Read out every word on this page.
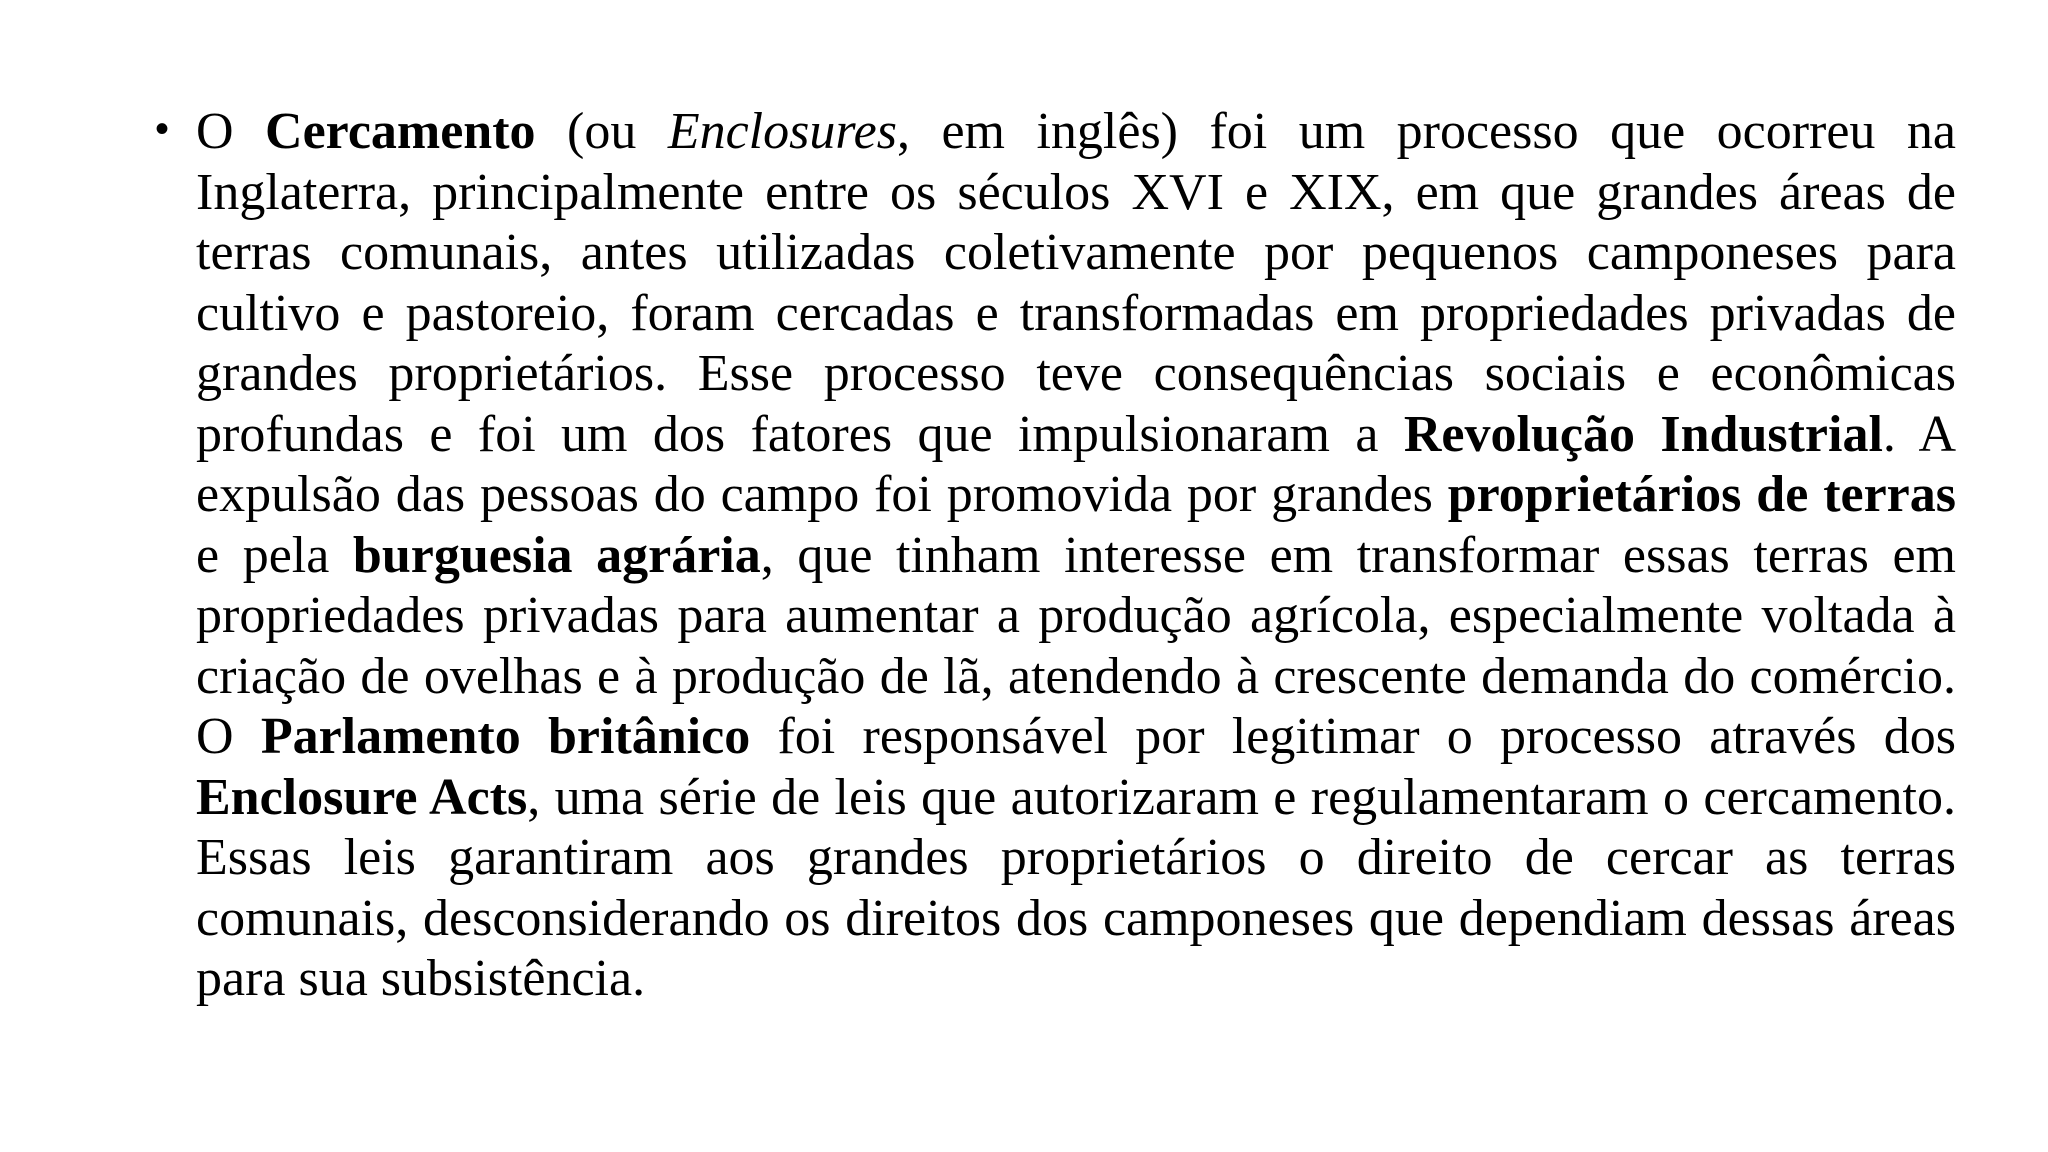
• O Cercamento (ou Enclosures, em inglês) foi um processo que ocorreu na Inglaterra, principalmente entre os séculos XVI e XIX, em que grandes áreas de terras comunais, antes utilizadas coletivamente por pequenos camponeses para cultivo e pastoreio, foram cercadas e transformadas em propriedades privadas de grandes proprietários. Esse processo teve consequências sociais e econômicas profundas e foi um dos fatores que impulsionaram a Revolução Industrial. A expulsão das pessoas do campo foi promovida por grandes proprietários de terras e pela burguesia agrária, que tinham interesse em transformar essas terras em propriedades privadas para aumentar a produção agrícola, especialmente voltada à criação de ovelhas e à produção de lã, atendendo à crescente demanda do comércio. O Parlamento britânico foi responsável por legitimar o processo através dos Enclosure Acts, uma série de leis que autorizaram e regulamentaram o cercamento. Essas leis garantiram aos grandes proprietários o direito de cercar as terras comunais, desconsiderando os direitos dos camponeses que dependiam dessas áreas para sua subsistência.
